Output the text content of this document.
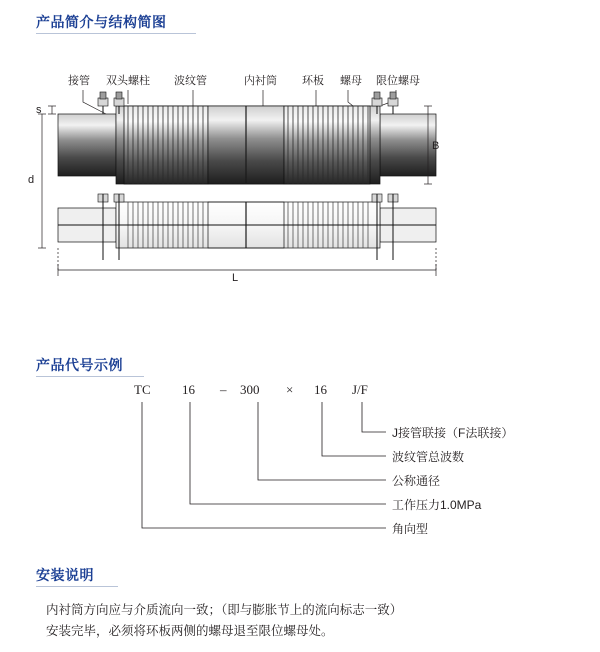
产品简介与结构简图
接管 双头螺柱 波纹管	内衬筒 环板 螺母 限位螺母
s
d
B
L
产品代号示例
TC 16 – 300 × 16 J/F
J接管联接（F法联接）
波纹管总波数
公称通径
工作压力1.0MPa
角向型
安装说明
内衬筒方向应与介质流向一致；（即与膨胀节上的流向标志一致）
安装完毕，必须将环板两侧的螺母退至限位螺母处。
